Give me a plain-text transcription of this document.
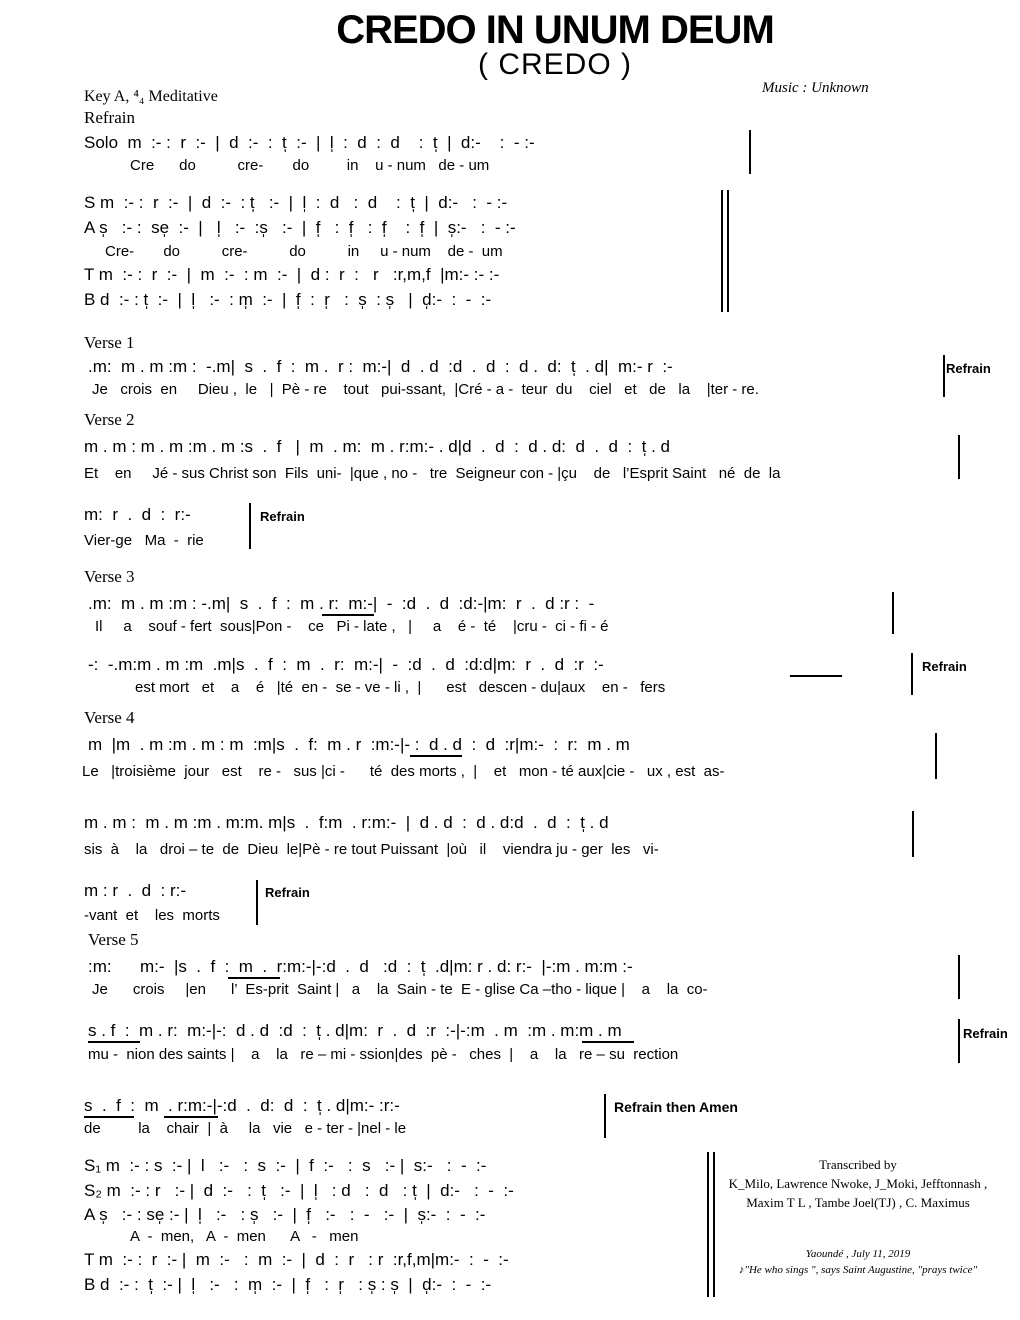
CREDO IN UNUM DEUM
( CREDO )
Music : Unknown
Key A, ⁴₄ Meditative
Refrain
Solo  m  :- :  r  :-  |  d  :-  :  t̩  :-  |  l̩  :  d  :  d    :  t̩  |  d:-    :  - :-
Cre      do          cre-       do         in    u - num   de - um
S m  :- :  r  :-  |  d  :-  : t̩   :-  |  l̩  :  d   :  d    :  t̩  |  d:-   :  - :-
A s̩   :- :  se̩  :-  |   l̩   :-  :s̩   :-  |  f̩   :  f̩   :  f̩    :  f̩  |  s̩:-   :  - :-
Cre-       do          cre-          do          in     u - num    de -  um
T m  :- :  r  :-  |  m  :-  : m  :-  |  d :  r  :   r   :r,m,f  |m:- :- :-
B d  :- : t̩  :-  |  l̩   :-  : m̩  :-  |  f̩  :  r̩   :  s̩  : s̩   |  d̩:-  :  -  :-
Verse 1
.m:  m . m :m :  -.m|  s  .  f  :  m .  r :  m:-|  d  . d  :d  .  d  :  d .  d:  t̩  . d|  m:- r  :-
Je   crois  en     Dieu ,  le   |  Pè - re    tout   pui-ssant,  |Cré - a -  teur  du    ciel   et   de   la    |ter - re.
Refrain
Verse 2
m . m : m . m :m . m :s  .  f   |  m  . m:  m . r:m:- . d|d  .  d  :  d . d:  d  .  d  :  t̩ . d
Et    en     Jé - sus Christ son  Fils  uni-  |que , no -   tre  Seigneur con - |çu    de   l’Esprit Saint   né  de  la
m:  r  .  d  :  r:-
Vier-ge   Ma  -  rie
Refrain
Verse 3
.m:  m . m :m : -.m|  s  .  f  :  m . r:  m:-|  -  :d  .  d  :d:-|m:  r  .  d :r :  -
Il     a    souf - fert  sous|Pon -    ce   Pi - late ,   |     a    é -  té    |cru -  ci - fi - é
-:  -.m:m . m :m  .m|s  .  f  :  m  .  r:  m:-|  -  :d  .  d  :d:d|m:  r  .  d  :r  :-
est mort   et    a    é   |té  en -  se - ve - li ,  |      est   descen - du|aux    en -   fers
Refrain
Verse 4
m  |m  . m :m . m : m  :m|s  .  f:  m . r  :m:-|- :  d . d  :  d  :r|m:-  :  r:  m . m
Le   |troisième  jour   est    re -   sus |ci -      té  des morts ,  |    et   mon - té aux|cie -   ux , est  as-
m . m :  m . m :m . m:m. m|s  .  f:m  . r:m:-  |  d . d  :  d . d:d  .  d  :  t̩ . d
sis  à    la   droi – te  de  Dieu  le|Pè - re tout Puissant  |où   il    viendra ju - ger  les   vi-
m : r  .  d  : r:-
-vant  et    les  morts
Refrain
Verse 5
:m:      m:-  |s  .  f  :  m  .  r:m:-|-:d  .  d   :d  :  t̩  .d|m: r . d: r:-  |-:m . m:m :-
Je      crois     |en      l’  Es-prit  Saint |   a    la  Sain - te  E - glise Ca –tho - lique |    a    la  co-
s . f  :  m . r:  m:-|-:  d . d  :d  :  t̩ . d|m:  r  .  d  :r  :-|-:m  . m  :m . m:m . m
mu -  nion des saints |    a    la   re – mi - ssion|des  pè -   ches  |    a    la   re – su  rection
Refrain
s  .  f  :  m  . r:m:-|-:d  .  d:  d  :  t̩ . d|m:- :r:-
de         la    chair  |  à     la   vie   e - ter - |nel - le
Refrain then Amen
S₁ m  :- : s  :- |  l   :-   :  s  :-  |  f  :-   :  s   :- |  s:-   :  -  :-
S₂ m  :- : r   :- |  d  :-   :  t̩   :-  |  l̩   : d   :  d   : t̩  |  d:-   :  -  :-
A s̩   :- : se̩ :- |  l̩   :-   : s̩   :-  |  f̩   :-   :  -   :-  |  s̩:-  :  -  :-
A  -  men,   A  -  men      A   -   men
T m  :- :  r  :- |  m  :-   :  m  :-  |  d  :  r   : r  :r,f,m|m:-  :  -  :-
B d  :- :  t̩  :- |  l̩   :-   :  m̩  :-  |  f̩   :  r̩   : s̩ : s̩  |  d̩:-  :  -  :-
Transcribed by
K_Milo, Lawrence Nwoke, J_Moki, Jefftonnash , Maxim T L , Tambe Joel(TJ) , C. Maximus
Yaoundé , July 11, 2019
♪"He who sings ", says Saint Augustine, "prays twice"
